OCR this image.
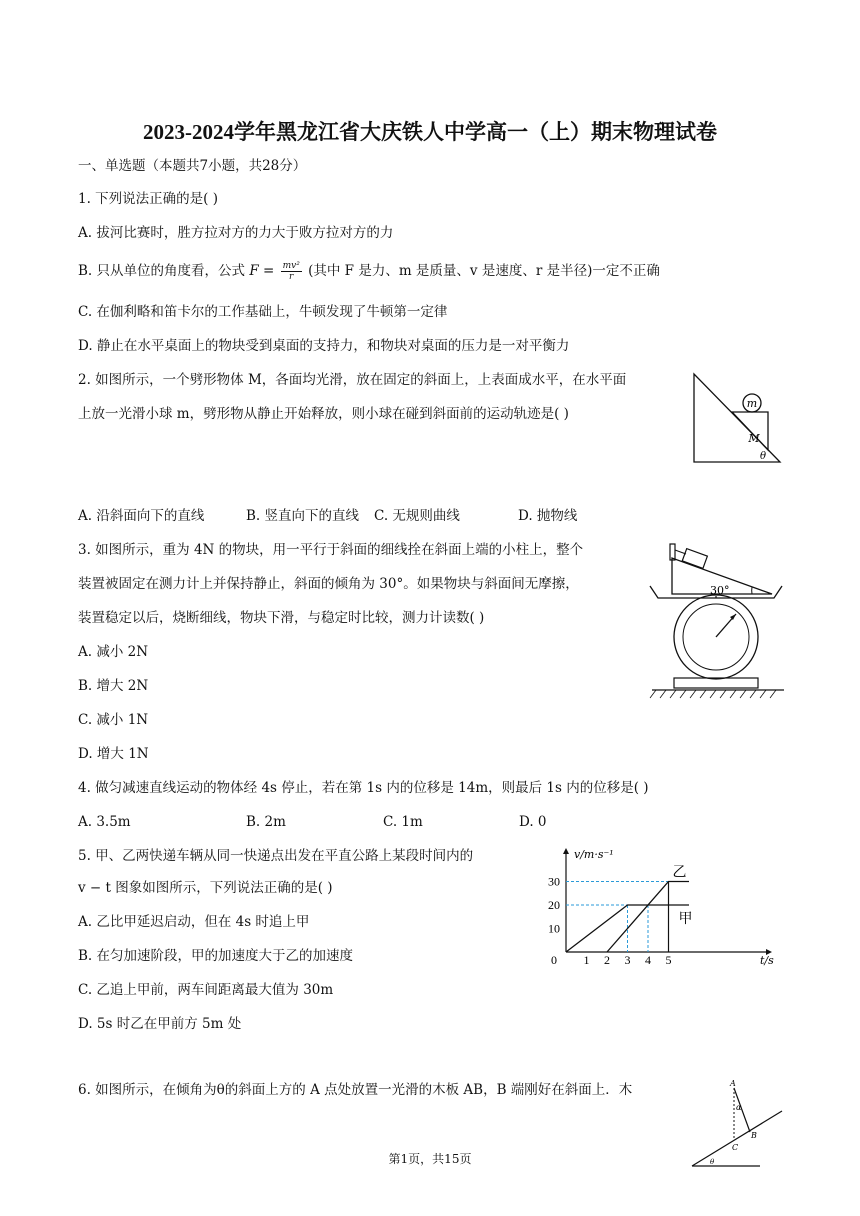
2023-2024学年黑龙江省大庆铁人中学高一（上）期末物理试卷
一、单选题（本题共7小题，共28分）
1. 下列说法正确的是( )
A. 拔河比赛时，胜方拉对方的力大于败方拉对方的力
B. 只从单位的角度看，公式 $F = \frac{\text{mv²}}{r}$ (其中 F 是力、m 是质量、v 是速度、r 是半径)一定不正确
C. 在伽利略和笛卡尔的工作基础上，牛顿发现了牛顿第一定律
D. 静止在水平桌面上的物块受到桌面的支持力，和物块对桌面的压力是一对平衡力
2. 如图所示，一个劈形物体 M，各面均光滑，放在固定的斜面上，上表面成水平，在水平面
上放一光滑小球 m，劈形物从静止开始释放，则小球在碰到斜面前的运动轨迹是( )
m
M
θ
A. 沿斜面向下的直线	B. 竖直向下的直线 C. 无规则曲线	D. 抛物线
3. 如图所示，重为 4N 的物块，用一平行于斜面的细线拴在斜面上端的小柱上，整个
装置被固定在测力计上并保持静止，斜面的倾角为 30°。如果物块与斜面间无摩擦，
装置稳定以后，烧断细线，物块下滑，与稳定时比较，测力计读数( )
A. 减小 2N
B. 增大 2N
C. 减小 1N
D. 增大 1N
30°
4. 做匀减速直线运动的物体经 4s 停止，若在第 1s 内的位移是 14m，则最后 1s 内的位移是( )
A. 3.5m	B. 2m	C. 1m	D. 0
5. 甲、乙两快递车辆从同一快递点出发在平直公路上某段时间内的
v − t 图象如图所示，下列说法正确的是( )
A. 乙比甲延迟启动，但在 4s 时追上甲
B. 在匀加速阶段，甲的加速度大于乙的加速度
C. 乙追上甲前，两车间距离最大值为 30m
D. 5s 时乙在甲前方 5m 处
v/m·s⁻¹
t/s
0 1 2 3 4 5
10
20
30
甲
乙
6. 如图所示，在倾角为θ的斜面上方的 A 点处放置一光滑的木板 AB，B 端刚好在斜面上．木	A
B
C
α
θ
第1页，共15页
